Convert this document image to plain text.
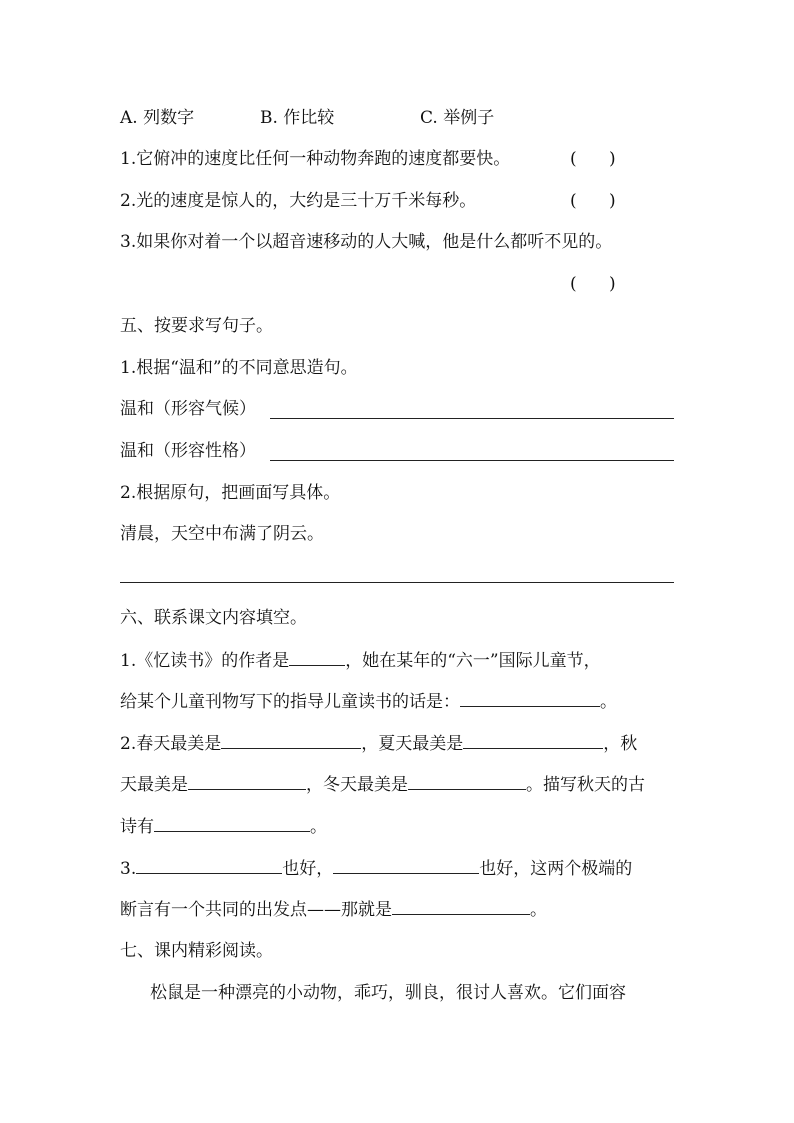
A. 列数字	B. 作比较	C. 举例子
1.它俯冲的速度比任何一种动物奔跑的速度都要快。	(      )
2.光的速度是惊人的，大约是三十万千米每秒。	(      )
3.如果你对着一个以超音速移动的人大喊，他是什么都听不见的。
(      )
五、按要求写句子。
1.根据“温和”的不同意思造句。
温和（形容气候）
温和（形容性格）
2.根据原句，把画面写具体。
清晨，天空中布满了阴云。
六、联系课文内容填空。
1.《忆读书》的作者是	，她在某年的“六一”国际儿童节，
给某个儿童刊物写下的指导儿童读书的话是：	。
2.春天最美是	，夏天最美是	，秋
天最美是	，冬天最美是	。描写秋天的古
诗有	。
3.	也好，	也好，这两个极端的
断言有一个共同的出发点——那就是	。
七、课内精彩阅读。
松鼠是一种漂亮的小动物，乖巧，驯良，很讨人喜欢。它们面容
